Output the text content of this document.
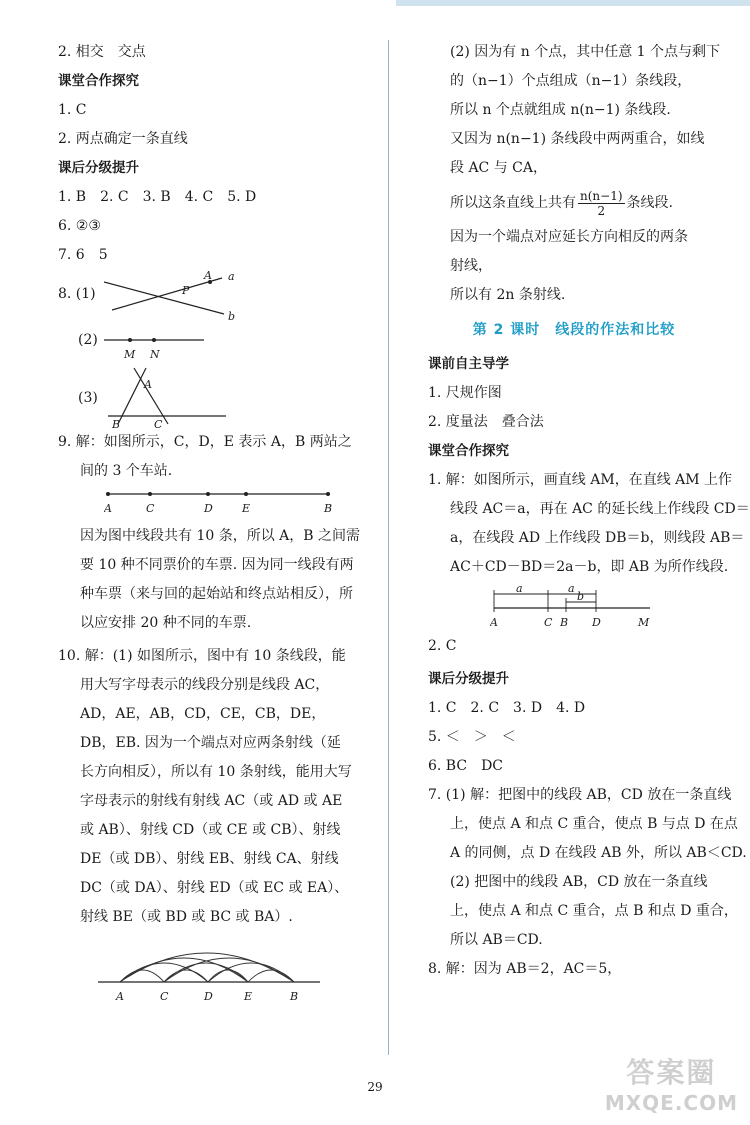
2. 相交　交点
课堂合作探究
1. C
2. 两点确定一条直线
课后分级提升
1. B　2. C　3. B　4. C　5. D
6. ②③
7. 6　5
8. (1)	P
A a
b
(2)
M N
(3)
A
B	C
9. 解：如图所示，C，D，E 表示 A，B 两站之
间的 3 个车站.
A	C	D	E	B
因为图中线段共有 10 条，所以 A，B 之间需
要 10 种不同票价的车票. 因为同一线段有两
种车票（来与回的起始站和终点站相反），所
以应安排 20 种不同的车票.
10. 解：(1) 如图所示，图中有 10 条线段，能
用大写字母表示的线段分别是线段 AC，
AD，AE，AB，CD，CE，CB，DE，
DB，EB. 因为一个端点对应两条射线（延
长方向相反），所以有 10 条射线，能用大写
字母表示的射线有射线 AC（或 AD 或 AE
或 AB）、射线 CD（或 CE 或 CB）、射线
DE（或 DB）、射线 EB、射线 CA、射线
DC（或 DA）、射线 ED（或 EC 或 EA）、
射线 BE（或 BD 或 BC 或 BA）.
A	C	D	E	B
(2) 因为有 n 个点，其中任意 1 个点与剩下
的（n−1）个点组成（n−1）条线段，
所以 n 个点就组成 n(n−1) 条线段.
又因为 n(n−1) 条线段中两两重合，如线
段 AC 与 CA，
所以这条直线上共有 $\frac{n(n-1)}{2}$ 条线段.
因为一个端点对应延长方向相反的两条
射线，
所以有 2n 条射线.
第 2 课时　线段的作法和比较
课前自主导学
1. 尺规作图
2. 度量法　叠合法
课堂合作探究
1. 解：如图所示，画直线 AM，在直线 AM 上作
线段 AC＝a，再在 AC 的延长线上作线段 CD＝
a，在线段 AD 上作线段 DB＝b，则线段 AB＝
AC＋CD－BD＝2a－b，即 AB 为所作线段.
a	a
b
A	C B D	M
2. C
课后分级提升
1. C　2. C　3. D　4. D
5. ＜　＞　＜
6. BC　DC
7. (1) 解：把图中的线段 AB，CD 放在一条直线
上，使点 A 和点 C 重合，使点 B 与点 D 在点
A 的同侧，点 D 在线段 AB 外，所以 AB＜CD.
(2) 把图中的线段 AB，CD 放在一条直线
上，使点 A 和点 C 重合，点 B 和点 D 重合，
所以 AB＝CD.
8. 解：因为 AB＝2，AC＝5，
29	答案圈
MXQE.COM
